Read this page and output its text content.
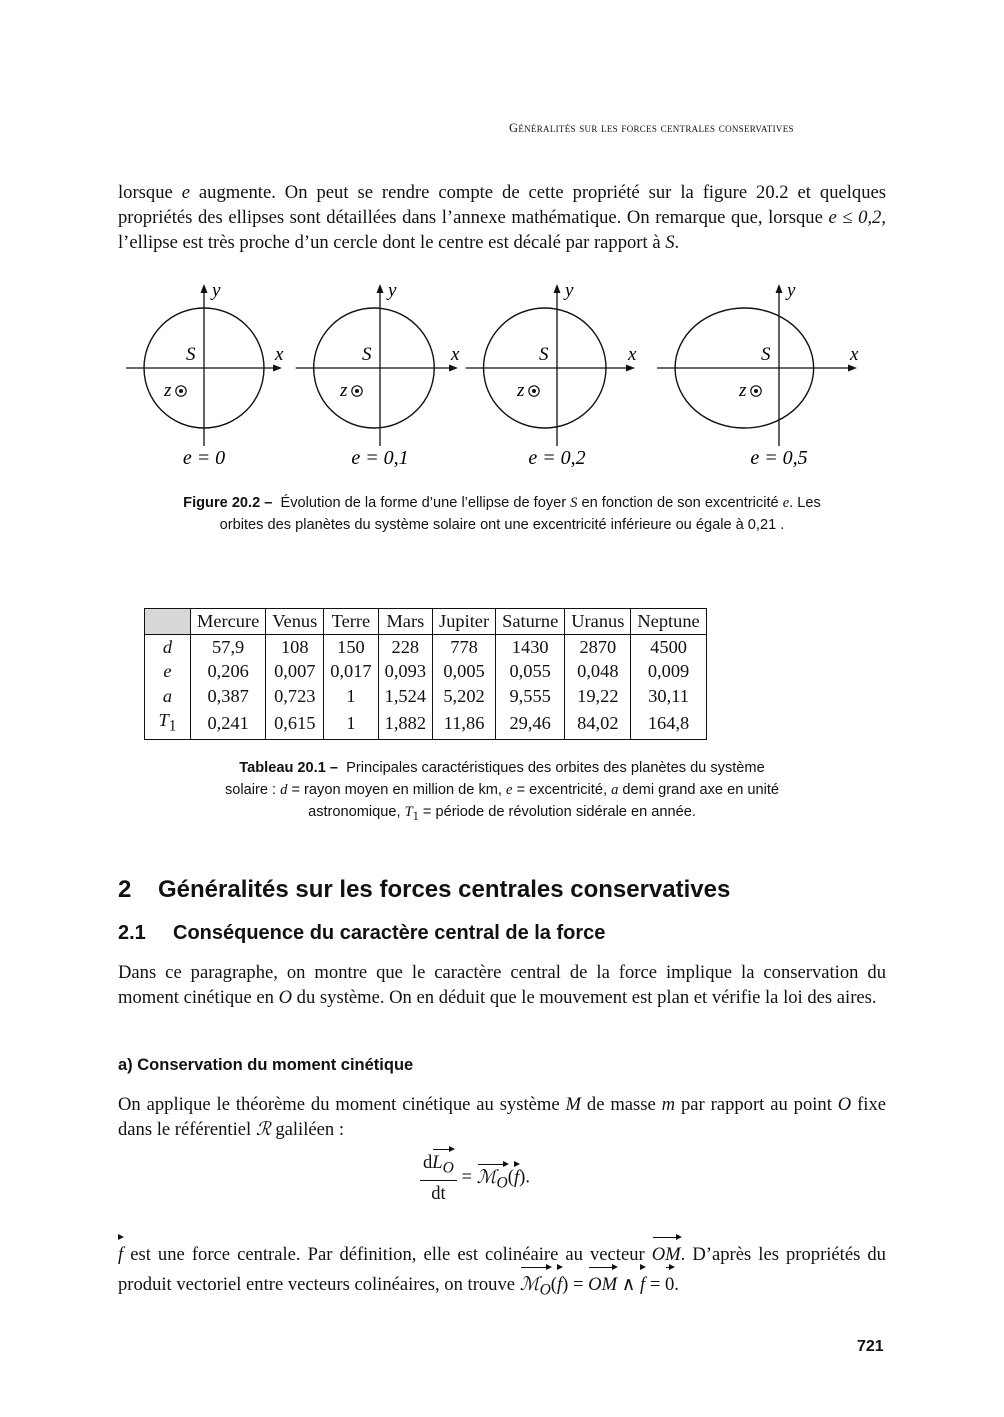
Généralités sur les forces centrales conservatives
lorsque e augmente. On peut se rendre compte de cette propriété sur la figure 20.2 et quelques propriétés des ellipses sont détaillées dans l’annexe mathématique. On remarque que, lorsque e ≤ 0,2, l’ellipse est très proche d’un cercle dont le centre est décalé par rapport à S.
S	x
y
z
e = 0
S	x
y
z
e = 0,1
S	x
y
z
e = 0,2
S	x
y
z
e = 0,5
Figure 20.2 – Évolution de la forme d’une l’ellipse de foyer S en fonction de son excentricité e. Les orbites des planètes du système solaire ont une excentricité inférieure ou égale à 0,21 .
	Mercure	Venus	Terre	Mars	Jupiter	Saturne	Uranus	Neptune
d	57,9	108	150	228	778	1430	2870	4500
e	0,206	0,007	0,017	0,093	0,005	0,055	0,048	0,009
a	0,387	0,723	1	1,524	5,202	9,555	19,22	30,11
$T_1$	0,241	0,615	1	1,882	11,86	29,46	84,02	164,8
Tableau 20.1 – Principales caractéristiques des orbites des planètes du système
solaire : d = rayon moyen en million de km, e = excentricité, a demi grand axe en unité
astronomique, $T_1$ = période de révolution sidérale en année.
2 Généralités sur les forces centrales conservatives
2.1 Conséquence du caractère central de la force
Dans ce paragraphe, on montre que le caractère central de la force implique la conservation du moment cinétique en O du système. On en déduit que le mouvement est plan et vérifie la loi des aires.
a) Conservation du moment cinétique
On applique le théorème du moment cinétique au système M de masse m par rapport au point O fixe dans le référentiel ℛ galiléen :
$\frac{dL_O}{dt}$ = ℳ$_O$(f).
f est une force centrale. Par définition, elle est colinéaire au vecteur OM. D’après les propriétés du produit vectoriel entre vecteurs colinéaires, on trouve ℳ$_O$(f) = OM ∧ f = 0.
721
